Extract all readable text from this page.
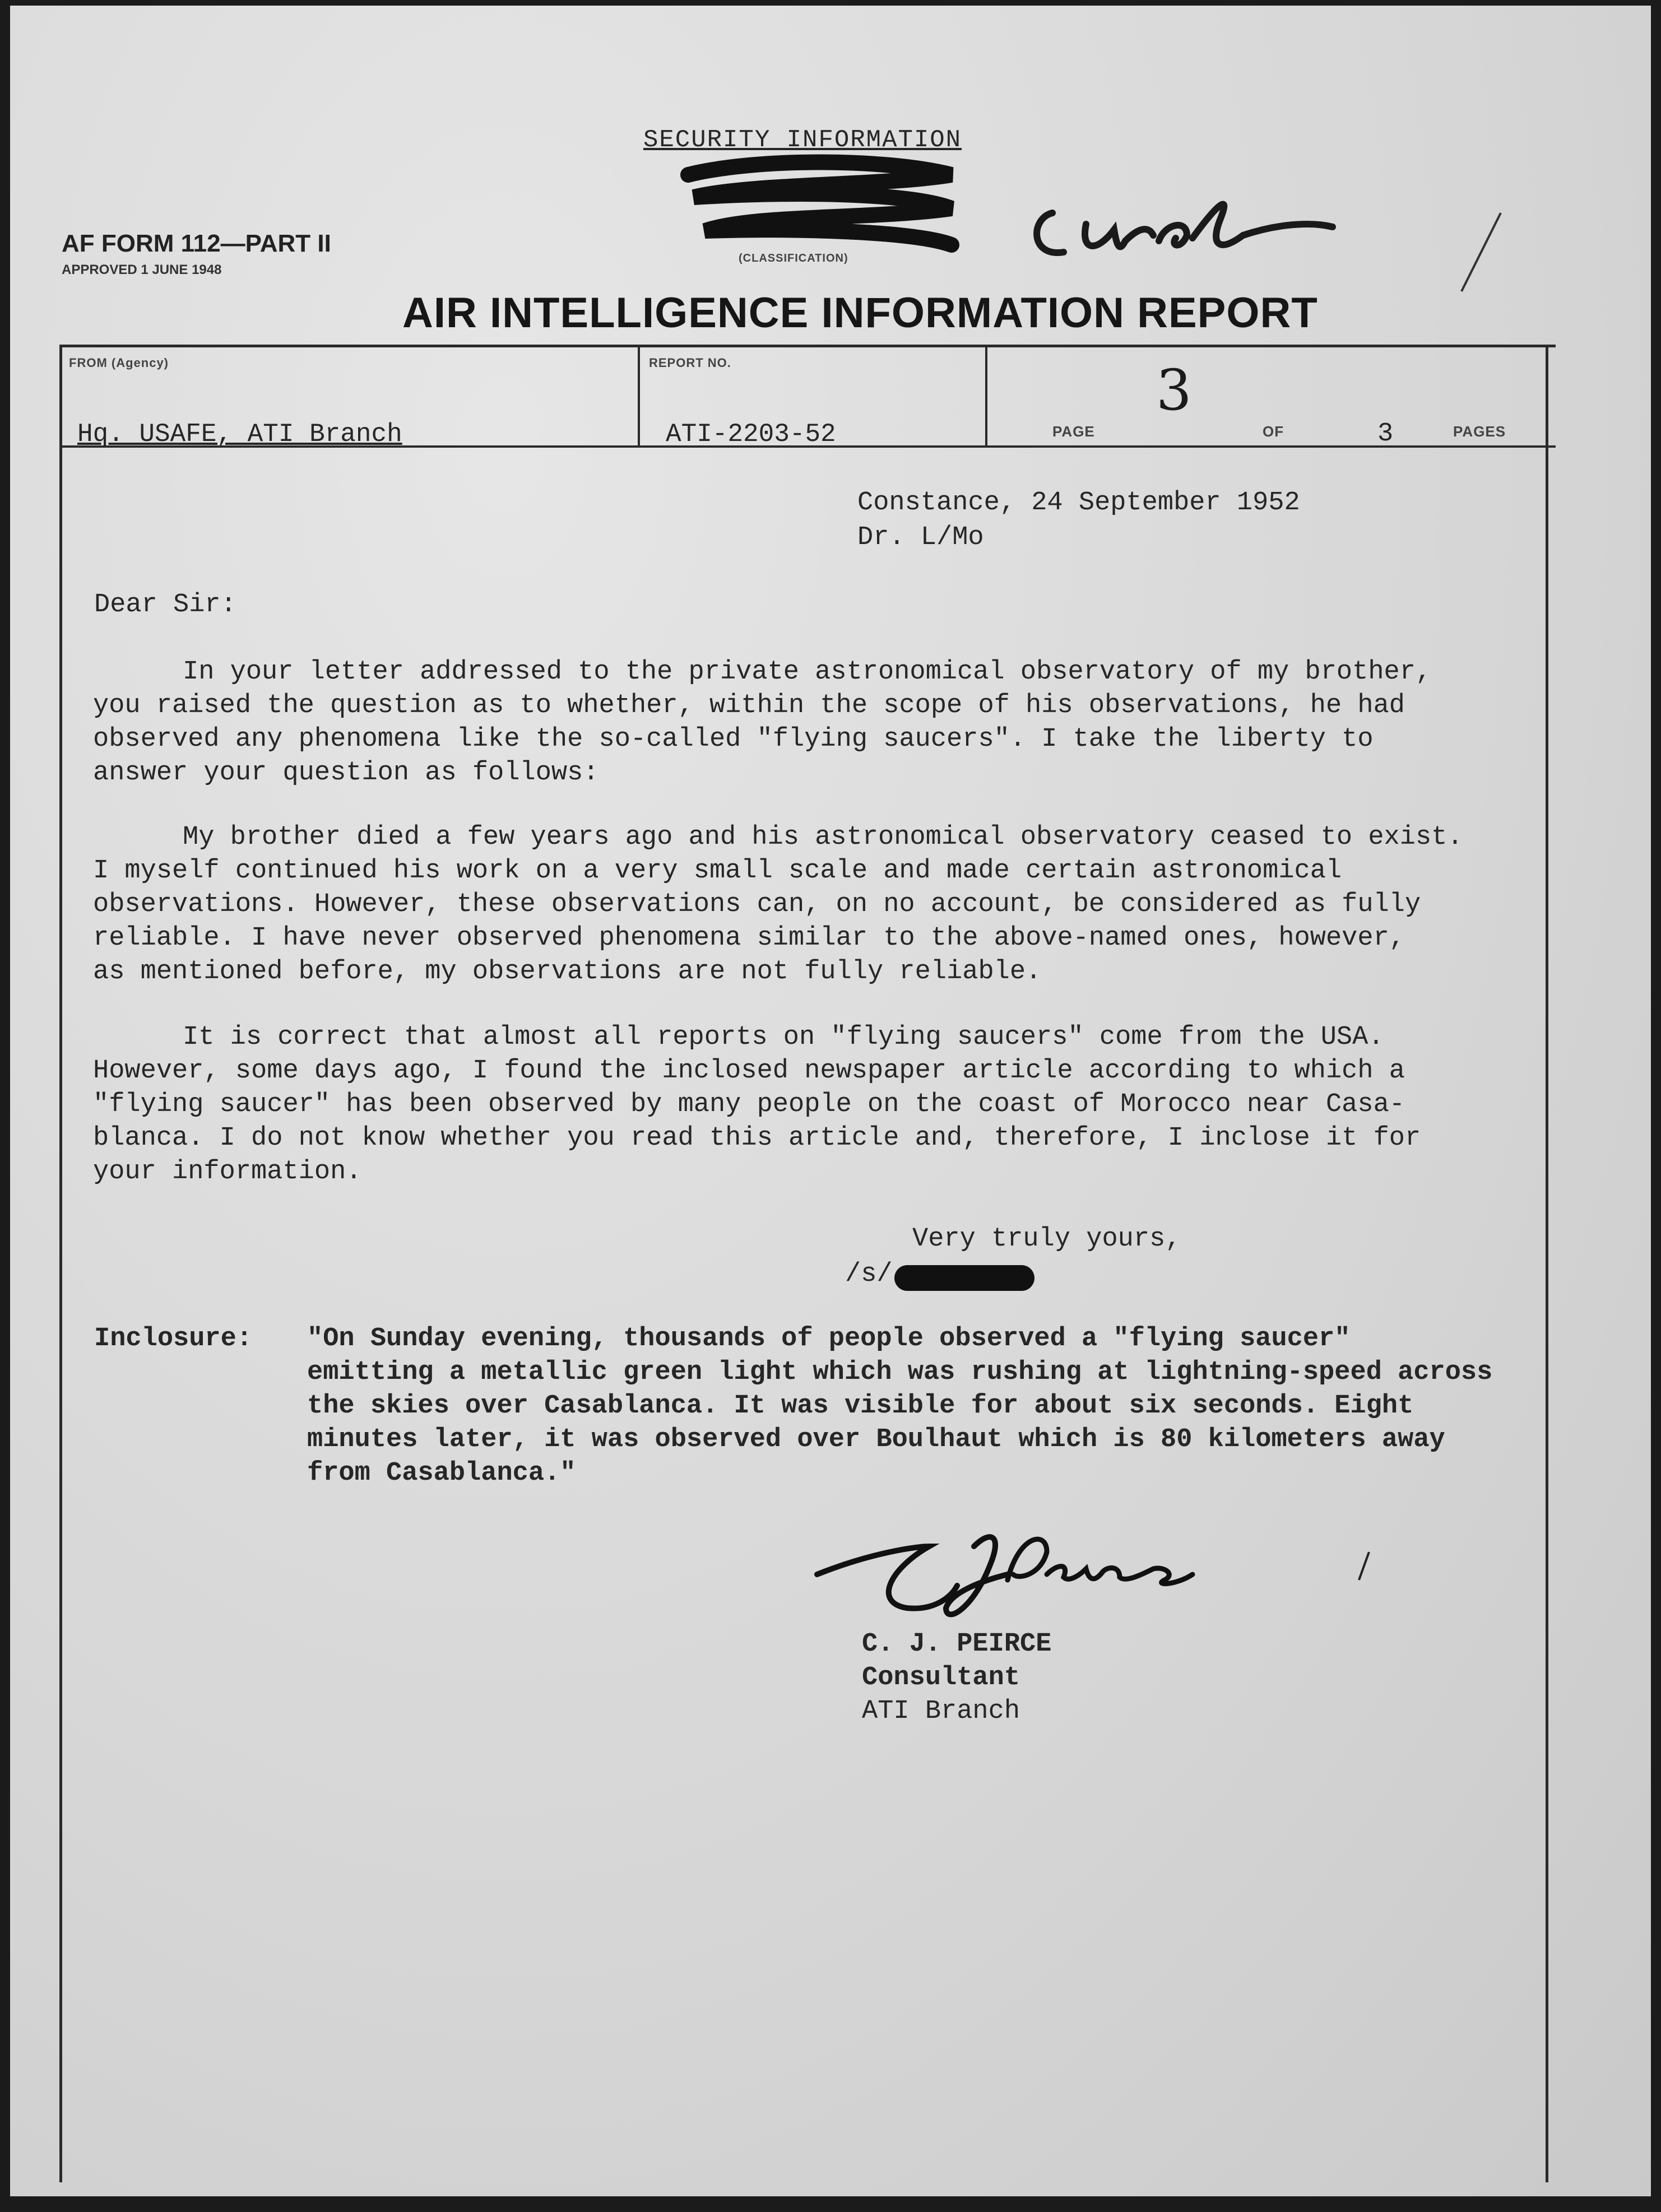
SECURITY INFORMATION
(CLASSIFICATION)
Uncl
AF FORM 112—PART II
APPROVED 1 JUNE 1948
AIR INTELLIGENCE INFORMATION REPORT
FROM (Agency)
Hq. USAFE, ATI Branch
REPORT NO.
ATI-2203-52	PAGE
3
OF	3	PAGES
Constance, 24 September 1952
Dr. L/Mo
Dear Sir:
In your letter addressed to the private astronomical observatory of my brother,
you raised the question as to whether, within the scope of his observations, he had
observed any phenomena like the so-called "flying saucers". I take the liberty to
answer your question as follows:
My brother died a few years ago and his astronomical observatory ceased to exist.
I myself continued his work on a very small scale and made certain astronomical
observations. However, these observations can, on no account, be considered as fully
reliable. I have never observed phenomena similar to the above-named ones, however,
as mentioned before, my observations are not fully reliable.
It is correct that almost all reports on "flying saucers" come from the USA.
However, some days ago, I found the inclosed newspaper article according to which a
"flying saucer" has been observed by many people on the coast of Morocco near Casa-
blanca. I do not know whether you read this article and, therefore, I inclose it for
your information.
Very truly yours,
/s/
Inclosure: "On Sunday evening, thousands of people observed a "flying saucer"
emitting a metallic green light which was rushing at lightning-speed across
the skies over Casablanca. It was visible for about six seconds. Eight
minutes later, it was observed over Boulhaut which is 80 kilometers away
from Casablanca."
C J Peirce C. J. PEIRCE
Consultant
ATI Branch
